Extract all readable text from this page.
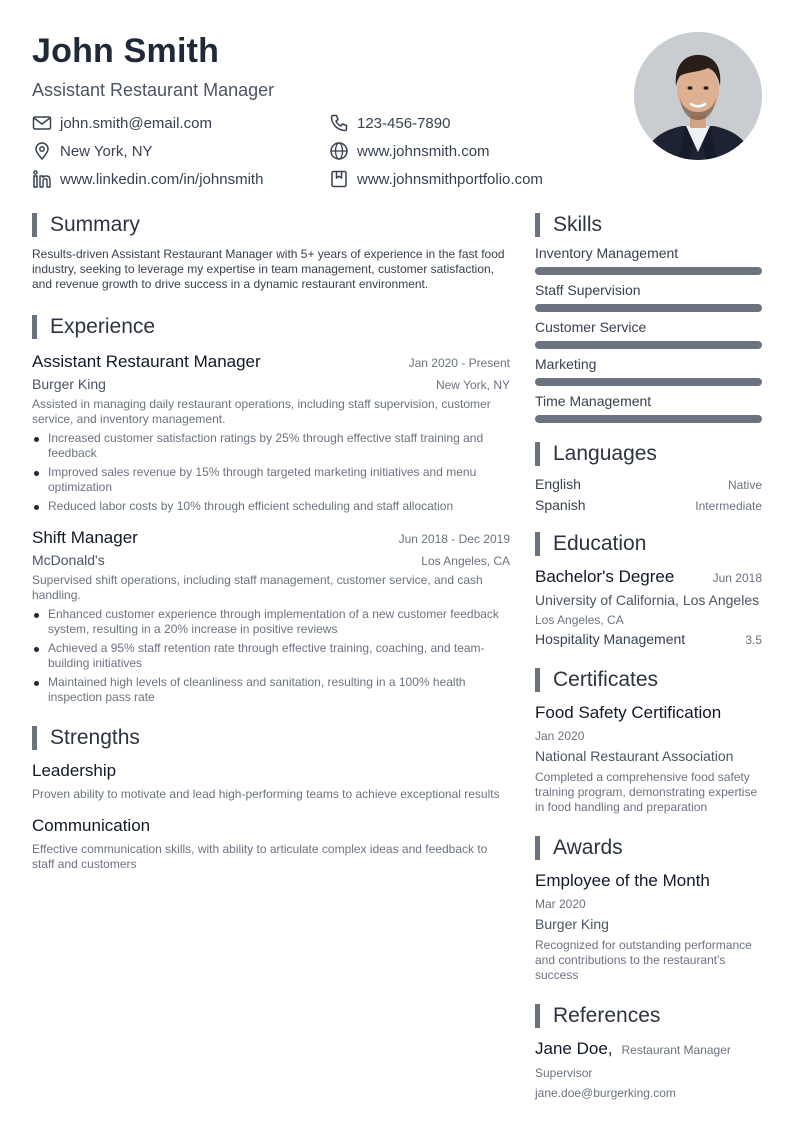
John Smith
Assistant Restaurant Manager
john.smith@email.com	123-456-7890
New York, NY	www.johnsmith.com
www.linkedin.com/in/johnsmith	www.johnsmithportfolio.com
Summary
Results-driven Assistant Restaurant Manager with 5+ years of experience in the fast food industry, seeking to leverage my expertise in team management, customer satisfaction, and revenue growth to drive success in a dynamic restaurant environment.
Experience
Assistant Restaurant Manager	Jan 2020 - Present
Burger King	New York, NY
Assisted in managing daily restaurant operations, including staff supervision, customer service, and inventory management.
Increased customer satisfaction ratings by 25% through effective staff training and feedback
Improved sales revenue by 15% through targeted marketing initiatives and menu optimization
Reduced labor costs by 10% through efficient scheduling and staff allocation
Shift Manager	Jun 2018 - Dec 2019
McDonald's	Los Angeles, CA
Supervised shift operations, including staff management, customer service, and cash handling.
Enhanced customer experience through implementation of a new customer feedback system, resulting in a 20% increase in positive reviews
Achieved a 95% staff retention rate through effective training, coaching, and team-building initiatives
Maintained high levels of cleanliness and sanitation, resulting in a 100% health inspection pass rate
Strengths
Leadership
Proven ability to motivate and lead high-performing teams to achieve exceptional results
Communication
Effective communication skills, with ability to articulate complex ideas and feedback to staff and customers
Skills
Inventory Management
Staff Supervision
Customer Service
Marketing
Time Management
Languages
English	Native
Spanish	Intermediate
Education
Bachelor's Degree	Jun 2018
University of California, Los Angeles
Los Angeles, CA
Hospitality Management	3.5
Certificates
Food Safety Certification
Jan 2020
National Restaurant Association
Completed a comprehensive food safety training program, demonstrating expertise in food handling and preparation
Awards
Employee of the Month
Mar 2020
Burger King
Recognized for outstanding performance and contributions to the restaurant's success
References
Jane Doe, Restaurant Manager
Supervisor
jane.doe@burgerking.com
